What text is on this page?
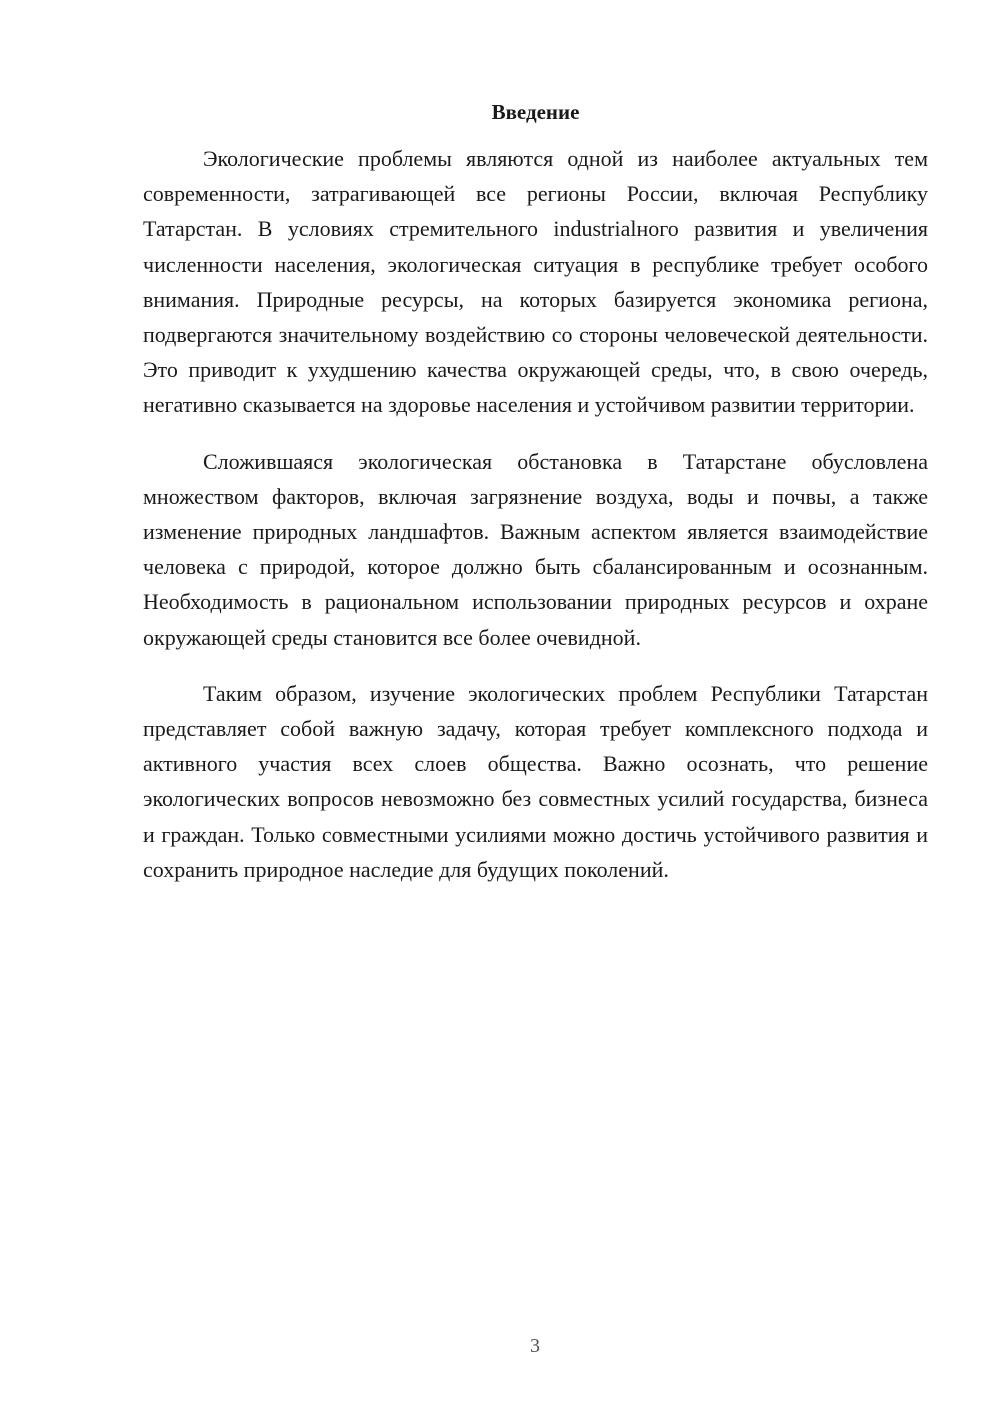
Введение

Экологические проблемы являются одной из наиболее актуальных тем современности, затрагивающей все регионы России, включая Республику Татарстан. В условиях стремительного industrialного развития и увеличения численности населения, экологическая ситуация в республике требует особого внимания. Природные ресурсы, на которых базируется экономика региона, подвергаются значительному воздействию со стороны человеческой деятельности. Это приводит к ухудшению качества окружающей среды, что, в свою очередь, негативно сказывается на здоровье населения и устойчивом развитии территории.

Сложившаяся экологическая обстановка в Татарстане обусловлена множеством факторов, включая загрязнение воздуха, воды и почвы, а также изменение природных ландшафтов. Важным аспектом является взаимодействие человека с природой, которое должно быть сбалансированным и осознанным. Необходимость в рациональном использовании природных ресурсов и охране окружающей среды становится все более очевидной.

Таким образом, изучение экологических проблем Республики Татарстан представляет собой важную задачу, которая требует комплексного подхода и активного участия всех слоев общества. Важно осознать, что решение экологических вопросов невозможно без совместных усилий государства, бизнеса и граждан. Только совместными усилиями можно достичь устойчивого развития и сохранить природное наследие для будущих поколений.

3
